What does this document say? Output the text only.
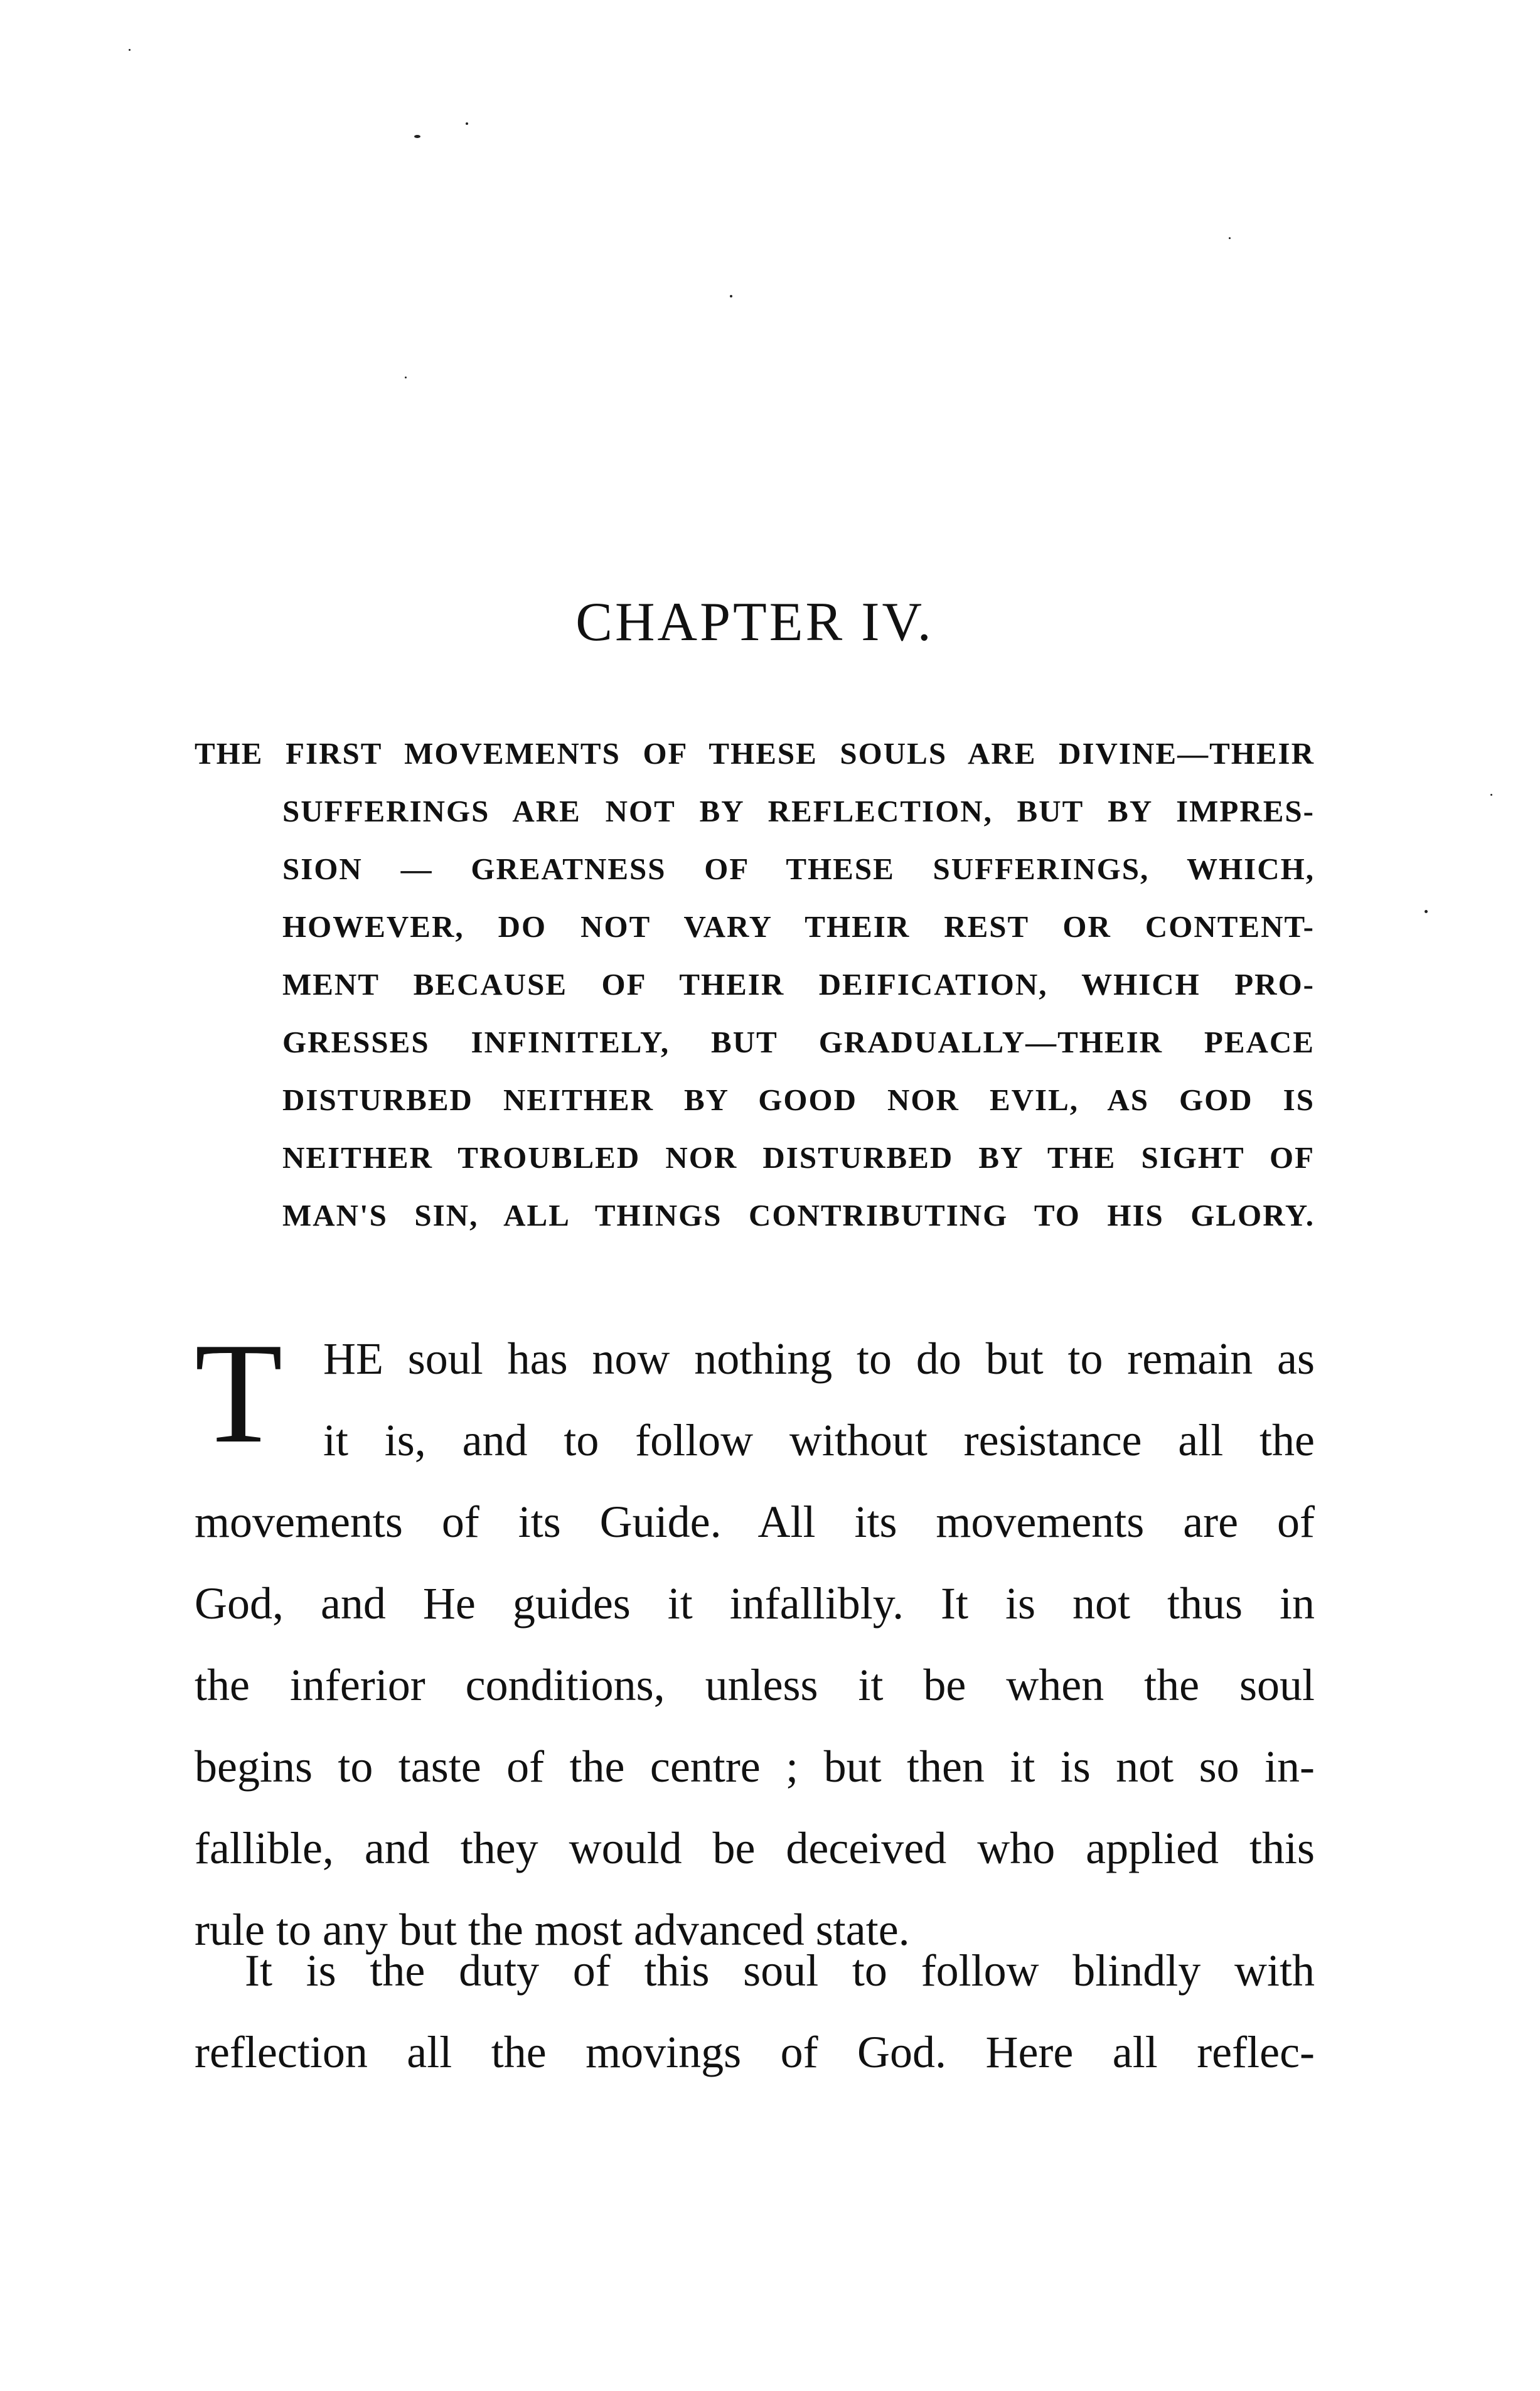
CHAPTER IV.
THE FIRST MOVEMENTS OF THESE SOULS ARE DIVINE—THEIR
SUFFERINGS ARE NOT BY REFLECTION, BUT BY IMPRES-
SION — GREATNESS OF THESE SUFFERINGS, WHICH,
HOWEVER, DO NOT VARY THEIR REST OR CONTENT-
MENT BECAUSE OF THEIR DEIFICATION, WHICH PRO-
GRESSES INFINITELY, BUT GRADUALLY—THEIR PEACE
DISTURBED NEITHER BY GOOD NOR EVIL, AS GOD IS
NEITHER TROUBLED NOR DISTURBED BY THE SIGHT OF
MAN'S SIN, ALL THINGS CONTRIBUTING TO HIS GLORY.
T HE soul has now nothing to do but to remain as
it is, and to follow without resistance all the
movements of its Guide. All its movements are of
God, and He guides it infallibly. It is not thus in
the inferior conditions, unless it be when the soul
begins to taste of the centre ; but then it is not so in-
fallible, and they would be deceived who applied this
rule to any but the most advanced state.
It is the duty of this soul to follow blindly with
reflection all the movings of God. Here all reflec-
